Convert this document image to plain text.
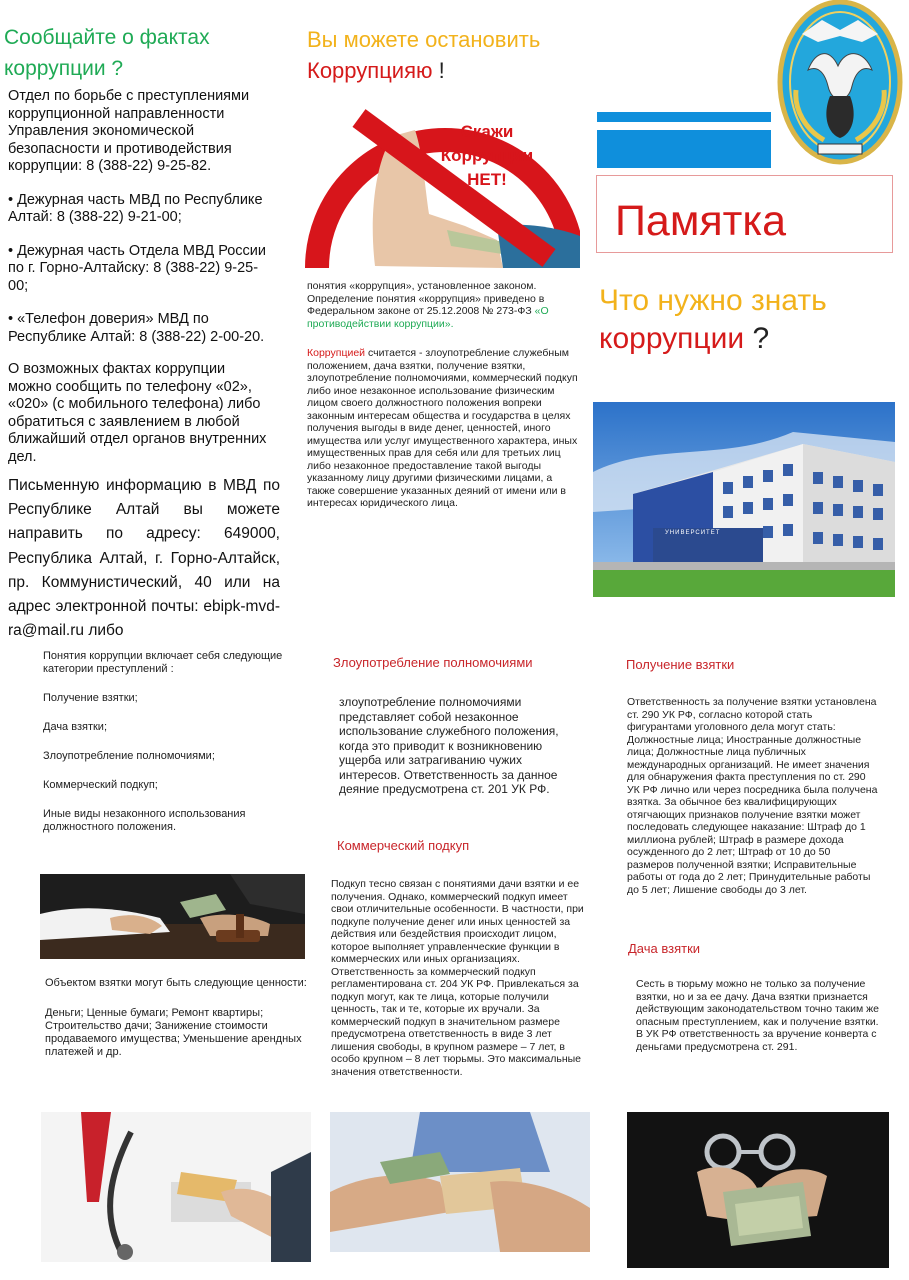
Сообщайте о фактах коррупции ?

Отдел по борьбе с преступлениями коррупционной направленности Управления экономической безопасности и противодействия коррупции: 8 (388-22) 9-25-82.

• Дежурная часть МВД по Республике Алтай: 8 (388-22) 9-21-00;

• Дежурная часть Отдела МВД России по г. Горно-Алтайску: 8 (388-22) 9-25-00;

• «Телефон доверия» МВД по Республике Алтай: 8 (388-22) 2-00-20.

О возможных фактах коррупции можно сообщить по телефону «02», «020» (с мобильного телефона) либо обратиться с заявлением в любой ближайший отдел органов внутренних дел.

Письменную информацию в МВД по Республике Алтай вы можете направить по адресу: 649000, Республика Алтай, г. Горно-Алтайск, пр. Коммунистический, 40 или на адрес электронной почты: ebipk-mvd-ra@mail.ru либо

Вы можете остановить
Коррупцияю !
Скажи
Коррупции
НЕТ!

понятия «коррупция», установленное законом. Определение понятия «коррупция» приведено в Федеральном законе от 25.12.2008 № 273-ФЗ «О противодействии коррупции».

Коррупцией считается - злоупотребление служебным положением, дача взятки, получение взятки, злоупотребление полномочиями, коммерческий подкуп либо иное незаконное использование физическим лицом своего должностного положения вопреки законным интересам общества и государства в целях получения выгоды в виде денег, ценностей, иного имущества или услуг имущественного характера, иных имущественных прав для себя или для третьих лиц либо незаконное предоставление такой выгоды указанному лицу другими физическими лицами, а также совершение указанных деяний от имени или в интересах юридического лица.

Памятка
Что нужно знать
коррупции ?
УНИВЕРСИТЕТ

Понятия коррупции включает себя следующие категории преступлений :

Получение взятки;

Дача взятки;

Злоупотребление полномочиями;

Коммерческий подкуп;

Иные виды незаконного использования должностного положения.

Объектом взятки могут быть следующие ценности:

Деньги; Ценные бумаги; Ремонт квартиры; Строительство дачи; Занижение стоимости продаваемого имущества; Уменьшение арендных платежей и др.

Злоупотребление полномочиями

злоупотребление полномочиями представляет собой незаконное использование служебного положения, когда это приводит к возникновению ущерба или затрагиванию чужих интересов. Ответственность за данное деяние предусмотрена ст. 201 УК РФ.

Коммерческий подкуп

Подкуп тесно связан с понятиями дачи взятки и ее получения. Однако, коммерческий подкуп имеет свои отличительные особенности. В частности, при подкупе получение денег или иных ценностей за действия или бездействия происходит лицом, которое выполняет управленческие функции в коммерческих или иных организациях. Ответственность за коммерческий подкуп регламентирована ст. 204 УК РФ. Привлекаться за подкуп могут, как те лица, которые получили ценность, так и те, которые их вручали. За коммерческий подкуп в значительном размере предусмотрена ответственность в виде 3 лет лишения свободы, в крупном размере – 7 лет, в особо крупном – 8 лет тюрьмы. Это максимальные значения ответственности.

Получение взятки

Ответственность за получение взятки установлена ст. 290 УК РФ, согласно которой стать фигурантами уголовного дела могут стать: Должностные лица; Иностранные должностные лица; Должностные лица публичных международных организаций. Не имеет значения для обнаружения факта преступления по ст. 290 УК РФ лично или через посредника была получена взятка. За обычное без квалифицирующих отягчающих признаков получение взятки может последовать следующее наказание: Штраф до 1 миллиона рублей; Штраф в размере дохода осужденного до 2 лет; Штраф от 10 до 50 размеров полученной взятки; Исправительные работы от года до 2 лет; Принудительные работы до 5 лет; Лишение свободы до 3 лет.

Дача взятки

Сесть в тюрьму можно не только за получение взятки, но и за ее дачу. Дача взятки признается действующим законодательством точно таким же опасным преступлением, как и получение взятки. В УК РФ ответственность за вручение конверта с деньгами предусмотрена ст. 291.
